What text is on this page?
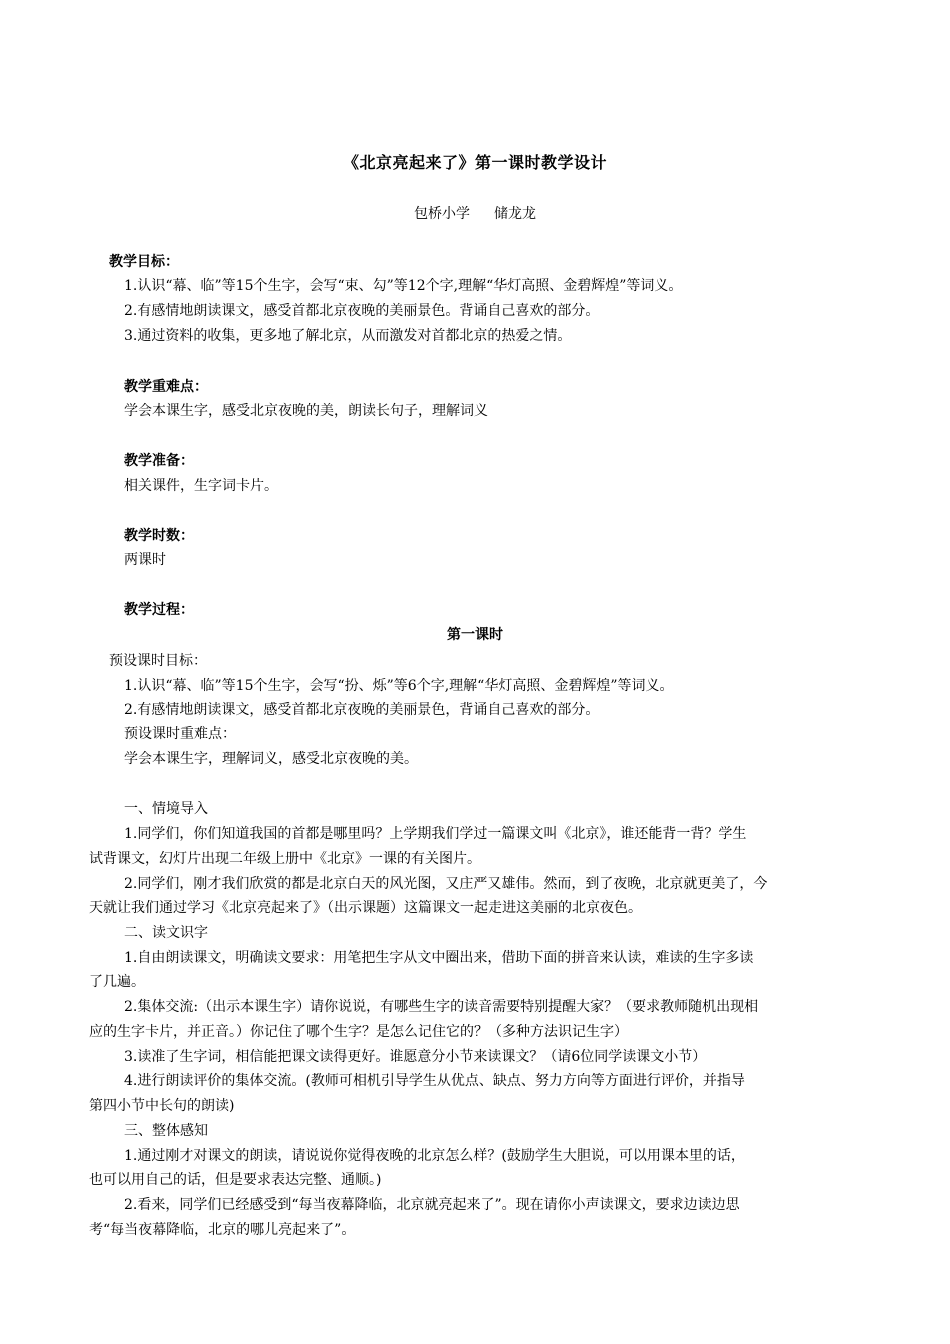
《北京亮起来了》第一课时教学设计
包桥小学 储龙龙
教学目标：
1.认识“幕、临”等15个生字，会写“束、勾”等12个字,理解“华灯高照、金碧辉煌”等词义。
2.有感情地朗读课文，感受首都北京夜晚的美丽景色。背诵自己喜欢的部分。
3.通过资料的收集，更多地了解北京，从而激发对首都北京的热爱之情。
教学重难点：
学会本课生字，感受北京夜晚的美，朗读长句子，理解词义
教学准备：
相关课件，生字词卡片。
教学时数：
两课时
教学过程：
第一课时
预设课时目标：
1.认识“幕、临”等15个生字，会写“扮、烁”等6个字,理解“华灯高照、金碧辉煌”等词义。
2.有感情地朗读课文，感受首都北京夜晚的美丽景色，背诵自己喜欢的部分。
预设课时重难点：
学会本课生字，理解词义，感受北京夜晚的美。
一、情境导入
1.同学们，你们知道我国的首都是哪里吗？上学期我们学过一篇课文叫《北京》，谁还能背一背？学生
试背课文，幻灯片出现二年级上册中《北京》一课的有关图片。
2.同学们，刚才我们欣赏的都是北京白天的风光图，又庄严又雄伟。然而，到了夜晚，北京就更美了，今
天就让我们通过学习《北京亮起来了》（出示课题）这篇课文一起走进这美丽的北京夜色。
二、读文识字
1.自由朗读课文，明确读文要求：用笔把生字从文中圈出来，借助下面的拼音来认读，难读的生字多读
了几遍。
2.集体交流:（出示本课生字）请你说说，有哪些生字的读音需要特别提醒大家？（要求教师随机出现相
应的生字卡片，并正音。）你记住了哪个生字？是怎么记住它的？（多种方法识记生字）
3.读准了生字词，相信能把课文读得更好。谁愿意分小节来读课文？（请6位同学读课文小节）
4.进行朗读评价的集体交流。(教师可相机引导学生从优点、缺点、努力方向等方面进行评价，并指导
第四小节中长句的朗读)
三、整体感知
1.通过刚才对课文的朗读，请说说你觉得夜晚的北京怎么样？(鼓励学生大胆说，可以用课本里的话，
也可以用自己的话，但是要求表达完整、通顺。)
2.看来，同学们已经感受到“每当夜幕降临，北京就亮起来了”。现在请你小声读课文，要求边读边思
考“每当夜幕降临，北京的哪儿亮起来了”。
